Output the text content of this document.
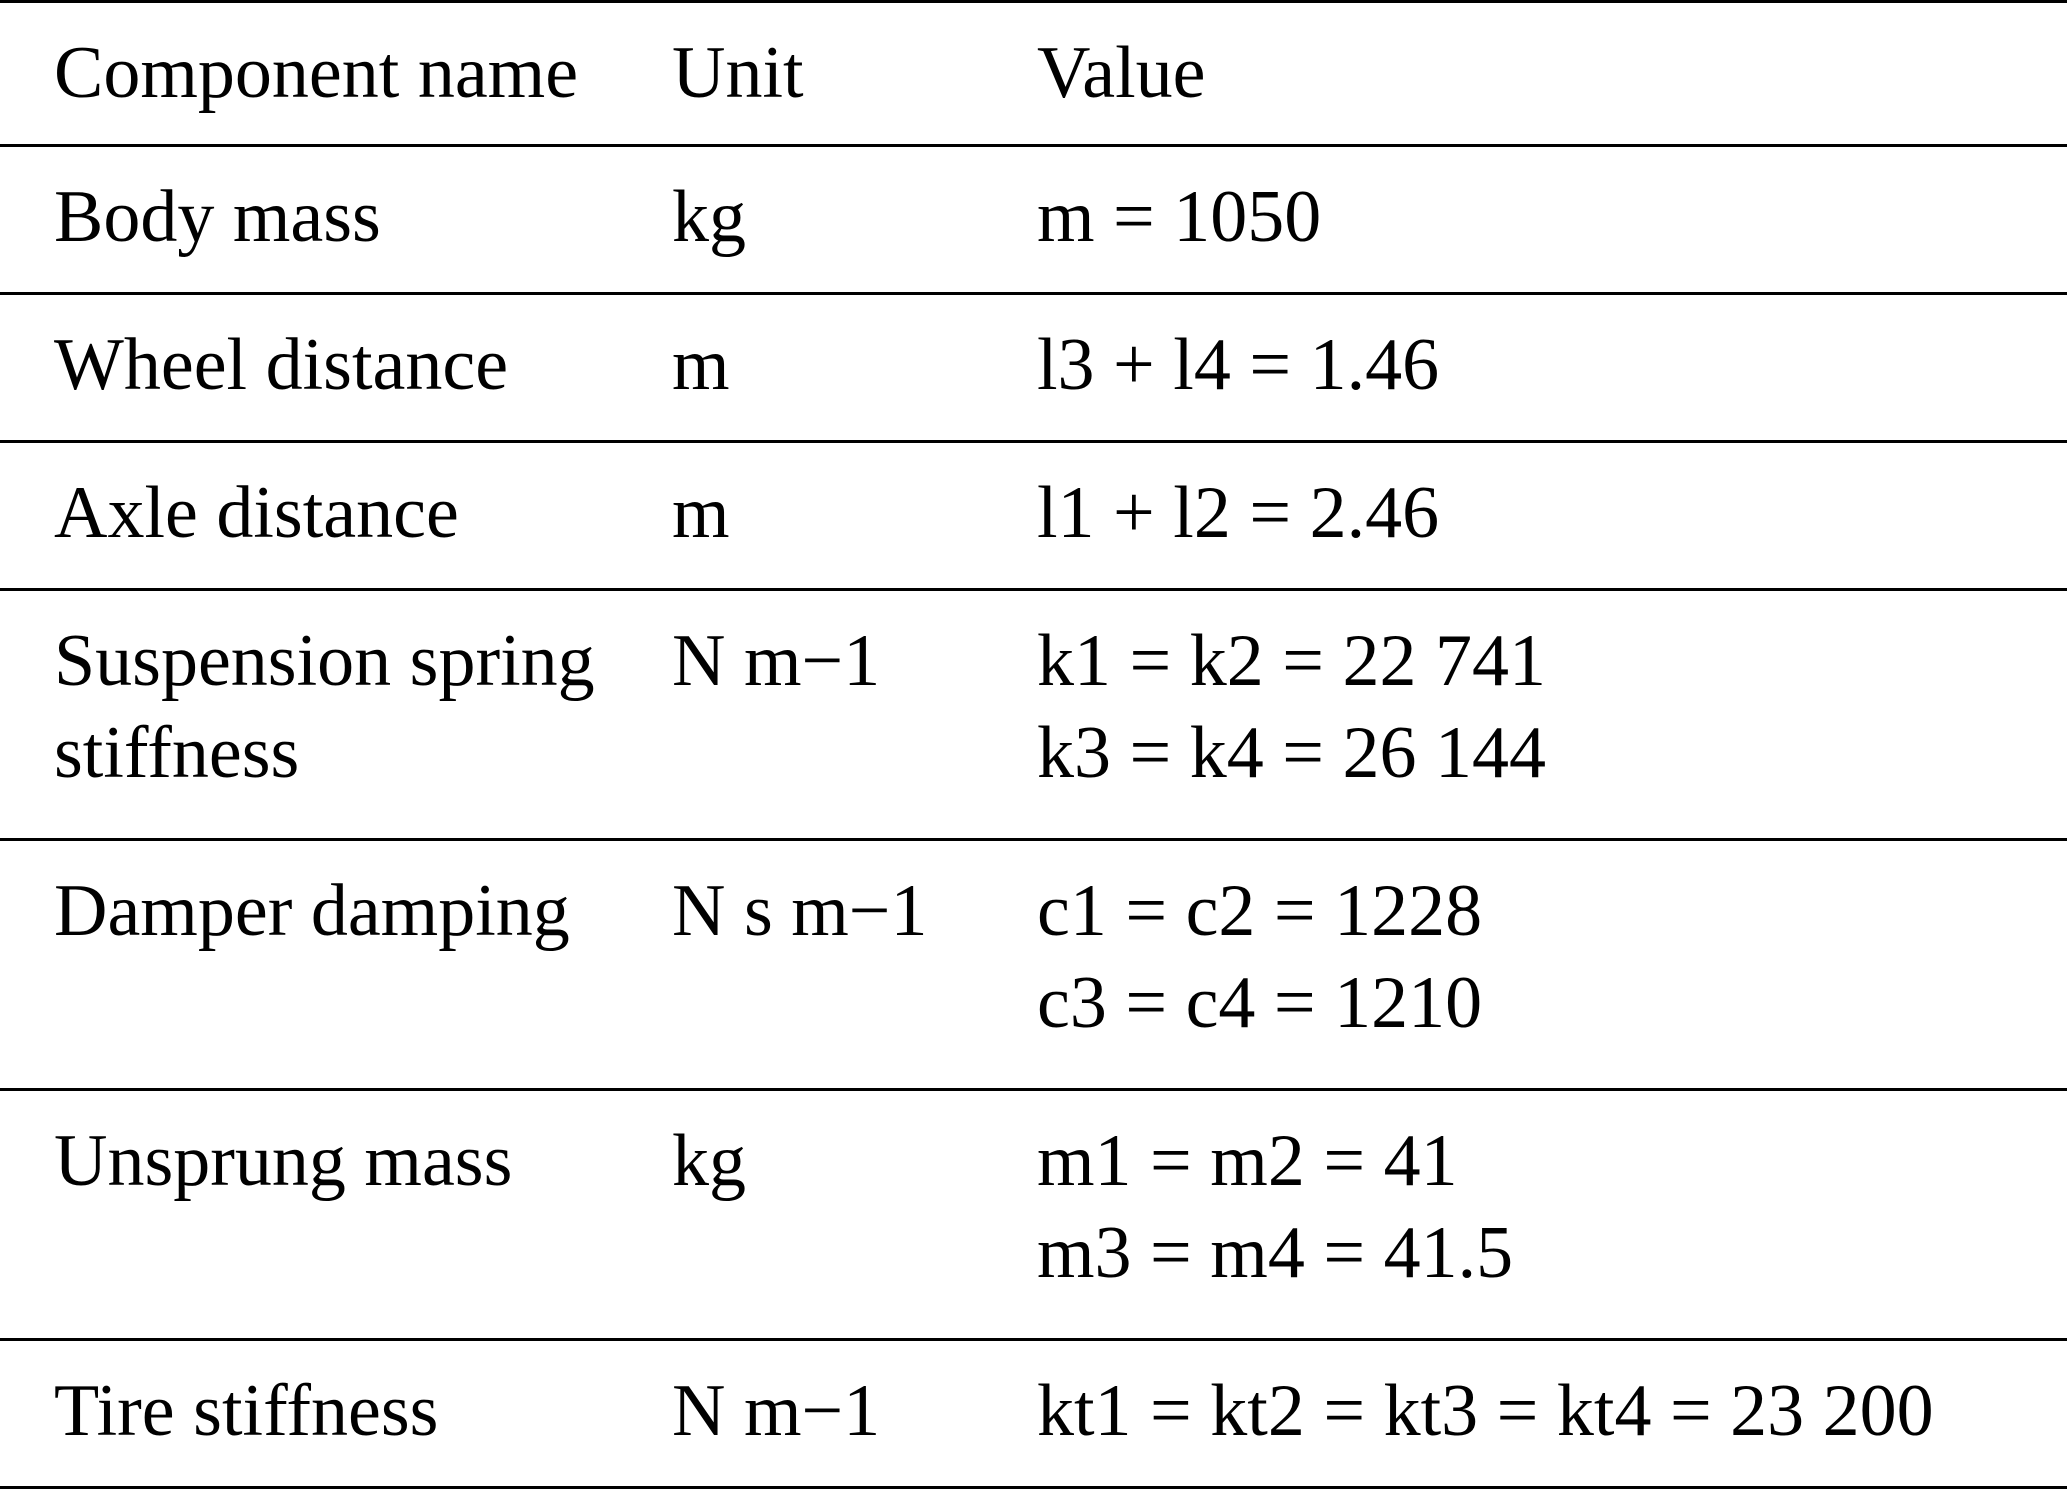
Component name	Unit	Value
Body mass	kg	m = 1050

Wheel distance	m	l3 + l4 = 1.46

Axle distance	m	l1 + l2 = 2.46

Suspension spring stiffness	N m−1	k1 = k2 = 22 741
k3 = k4 = 26 144

Damper damping	N s m−1	c1 = c2 = 1228
c3 = c4 = 1210

Unsprung mass	kg	m1 = m2 = 41
m3 = m4 = 41.5

Tire stiffness	N m−1	kt1 = kt2 = kt3 = kt4 = 23 200
